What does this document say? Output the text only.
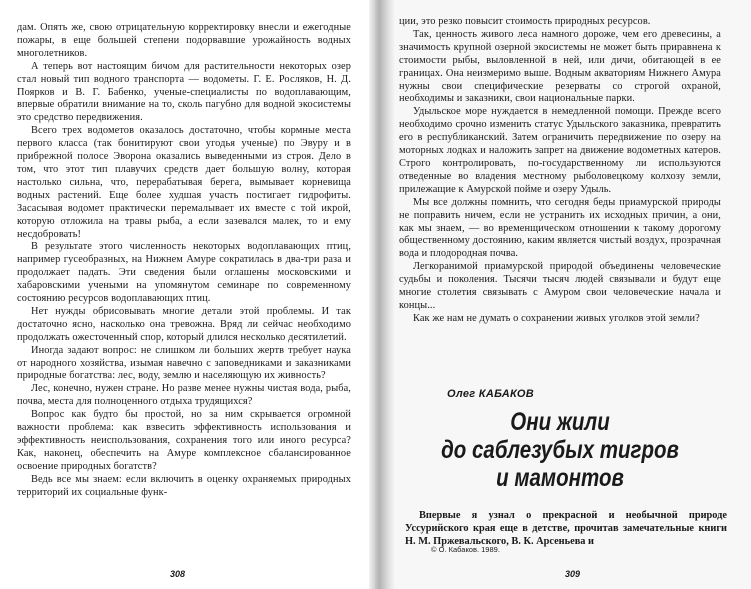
дам. Опять же, свою отрицательную корректировку внесли и ежегодные пожары, в еще большей степени подорвавшие урожайность водных многолетников.

А теперь вот настоящим бичом для растительности некоторых озер стал новый тип водного транспорта — водометы. Г. Е. Росляков, Н. Д. Поярков и В. Г. Бабенко, ученые-специалисты по водоплавающим, впервые обратили внимание на то, сколь пагубно для водной экосистемы это средство передвижения.

Всего трех водометов оказалось достаточно, чтобы кормные места первого класса (так бонитируют свои угодья ученые) по Эвуру и в прибрежной полосе Эворона оказались выведенными из строя. Дело в том, что этот тип плавучих средств дает большую волну, которая настолько сильна, что, перерабатывая берега, вымывает корневища водных растений. Еще более худшая участь постигает гидрофиты. Засасывая водомет практически перемалывает их вместе с той икрой, которую отложила на травы рыба, а если зазевался малек, то и ему несдобровать!

В результате этого численность некоторых водоплавающих птиц, например гусеобразных, на Нижнем Амуре сократилась в два-три раза и продолжает падать. Эти сведения были оглашены московскими и хабаровскими учеными на упомянутом семинаре по современному состоянию ресурсов водоплавающих птиц.

Нет нужды обрисовывать многие детали этой проблемы. И так достаточно ясно, насколько она тревожна. Вряд ли сейчас необходимо продолжать ожесточенный спор, который длился несколько десятилетий.

Иногда задают вопрос: не слишком ли больших жертв требует наука от народного хозяйства, изымая навечно с заповедниками и заказниками природные богатства: лес, воду, землю и населяющую их живность?

Лес, конечно, нужен стране. Но разве менее нужны чистая вода, рыба, почва, места для полноценного отдыха трудящихся?

Вопрос как будто бы простой, но за ним скрывается огромной важности проблема: как взвесить эффективность использования и эффективность неиспользования, сохранения того или иного ресурса? Как, наконец, обеспечить на Амуре комплексное сбалансированное освоение природных богатств?

Ведь все мы знаем: если включить в оценку охраняемых природных территорий их социальные функ-

308

ции, это резко повысит стоимость природных ресурсов.

Так, ценность живого леса намного дороже, чем его древесины, а значимость крупной озерной экосистемы не может быть приравнена к стоимости рыбы, выловленной в ней, или дичи, обитающей в ее границах. Она неизмеримо выше. Водным акваториям Нижнего Амура нужны свои специфические резерваты со строгой охраной, необходимы и заказники, свои национальные парки.

Удыльское море нуждается в немедленной помощи. Прежде всего необходимо срочно изменить статус Удыльского заказника, превратить его в республиканский. Затем ограничить передвижение по озеру на моторных лодках и наложить запрет на движение водометных катеров. Строго контролировать, по-государственному ли используются отведенные во владения местному рыболовецкому колхозу земли, прилежащие к Амурской пойме и озеру Удыль.

Мы все должны помнить, что сегодня беды приамурской природы не поправить ничем, если не устранить их исходных причин, а они, как мы знаем, — во временщическом отношении к такому дорогому общественному достоянию, каким является чистый воздух, прозрачная вода и плодородная почва.

Легкоранимой приамурской природой объединены человеческие судьбы и поколения. Тысячи тысяч людей связывали и будут еще многие столетия связывать с Амуром свои человеческие начала и концы...

Как же нам не думать о сохранении живых уголков этой земли?

Олег КАБАКОВ
Они жили
до саблезубых тигров
и мамонтов
Впервые я узнал о прекрасной и необычной природе Уссурийского края еще в детстве, прочитав замечательные книги Н. М. Пржевальского, В. К. Арсеньева и
© О. Кабаков. 1989.
309
